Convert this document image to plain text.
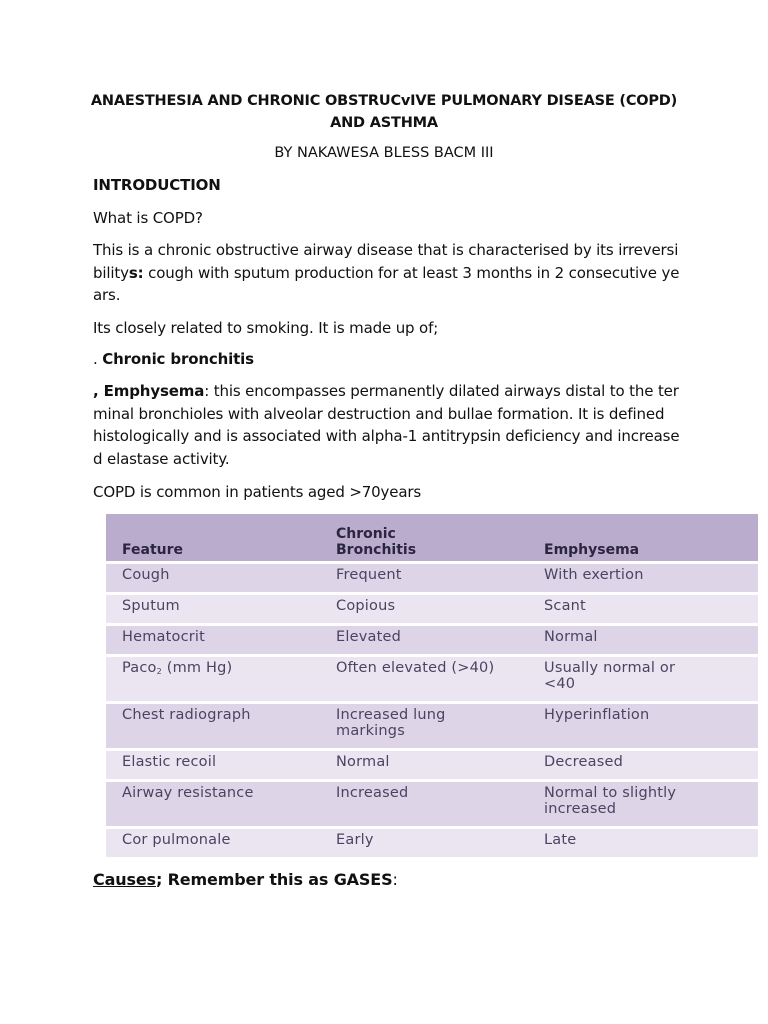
ANAESTHESIA AND CHRONIC OBSTRUCvIVE PULMONARY DISEASE (COPD)
AND ASTHMA
BY NAKAWESA BLESS BACM III
INTRODUCTION
What is COPD?
This is a chronic obstructive airway disease that is characterised by its irreversi bilitys: cough with sputum production for at least 3 months in 2 consecutive ye ars.
Its closely related to smoking. It is made up of;
. Chronic bronchitis
, Emphysema: this encompasses permanently dilated airways distal to the ter minal bronchioles with alveolar destruction and bullae formation. It is defined histologically and is associated with alpha-1 antitrypsin deficiency and increase d elastase activity.
COPD is common in patients aged >70years
Feature	Chronic Bronchitis	Emphysema
Cough	Frequent	With exertion
Sputum	Copious	Scant
Hematocrit	Elevated	Normal
Paco$_2$ (mm Hg)	Often elevated (>40)	Usually normal or <40
Chest radiograph	Increased lung markings	Hyperinflation
Elastic recoil	Normal	Decreased
Airway resistance	Increased	Normal to slightly increased
Cor pulmonale	Early	Late
Causes; Remember this as GASES:
